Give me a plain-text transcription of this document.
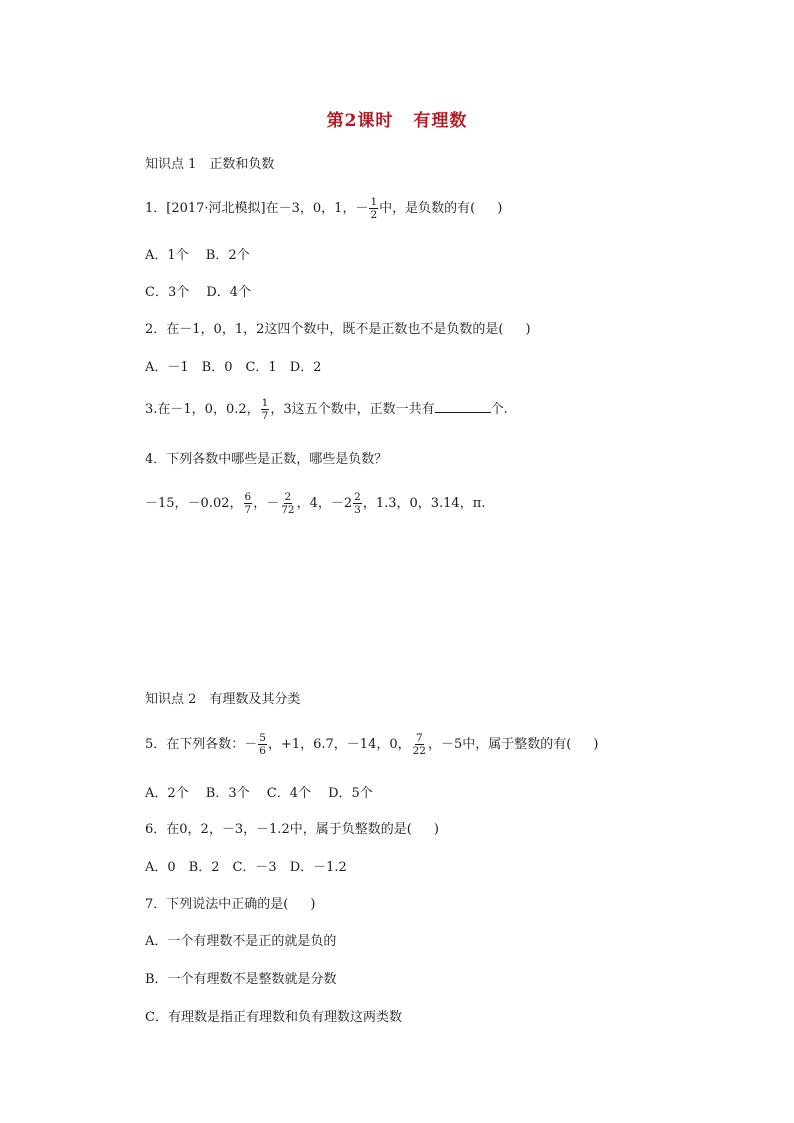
第2课时 有理数
知识点 1　正数和负数
1．[2017·河北模拟]在－3，0，1，－ $\frac{1}{2}$ 中，是负数的有( )
A．1个　 B．2个
C．3个　 D．4个
2．在－1，0，1，2这四个数中，既不是正数也不是负数的是( )
A．－1　B．0　C．1　D．2
3.在－1，0，0.2， $\frac{1}{7}$ ，3这五个数中，正数一共有	个.
4．下列各数中哪些是正数，哪些是负数？
－15，－0.02， $\frac{6}{7}$ ，－ $\frac{2}{72}$ ，4，$-2 \frac{2}{3}$ ，1.3，0，3.14，π.
知识点 2　有理数及其分类
5．在下列各数：－ $\frac{5}{6}$ ，+1，6.7，－14，0， $\frac{7}{22}$ ，－5中，属于整数的有( )
A．2个　 B．3个　 C．4个　 D．5个
6．在0，2，－3，－1.2中，属于负整数的是( )
A．0　B．2　C．－3　D．－1.2
7．下列说法中正确的是( )
A．一个有理数不是正的就是负的
B．一个有理数不是整数就是分数
C．有理数是指正有理数和负有理数这两类数
